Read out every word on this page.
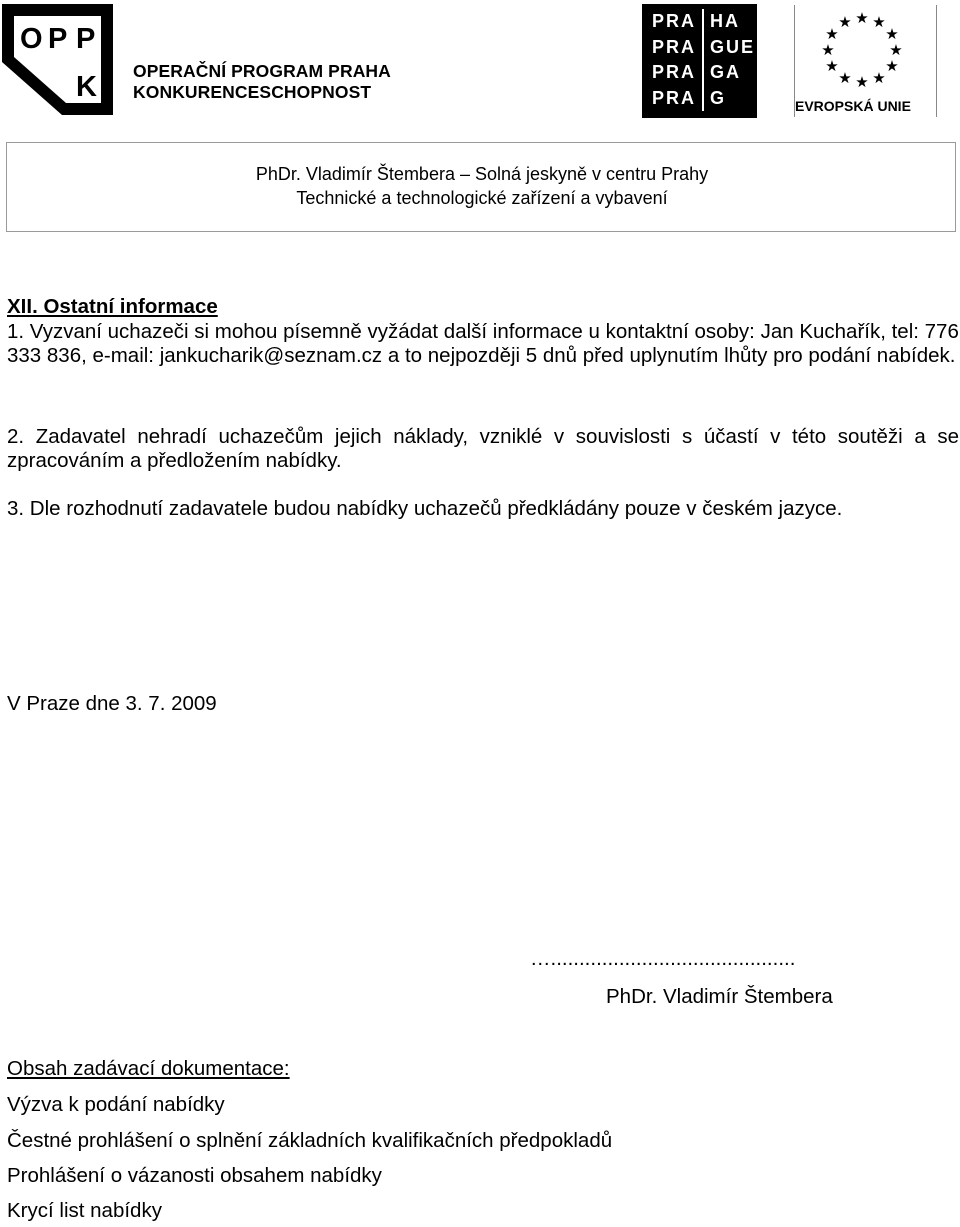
O P P
K OPERAČNÍ PROGRAM PRAHA
KONKURENCESCHOPNOST
PRA HA
PRA GUE
PRA GA
PRA G
★ ★
★
★
★
★
★
★
★
★
★
★
EVROPSKÁ UNIE
PhDr. Vladimír Štembera – Solná jeskyně v centru Prahy
Technické a technologické zařízení a vybavení
XII. Ostatní informace
1. Vyzvaní uchazeči si mohou písemně vyžádat další informace u kontaktní osoby: Jan Kuchařík, tel: 776 333 836, e-mail: jankucharik@seznam.cz a to nejpozději 5 dnů před uplynutím lhůty pro podání nabídek.
2. Zadavatel nehradí uchazečům jejich náklady, vzniklé v souvislosti s účastí v této soutěži a se zpracováním a předložením nabídky.
3. Dle rozhodnutí zadavatele budou nabídky uchazečů předkládány pouze v českém jazyce.
V Praze dne 3. 7. 2009
…...........................................
PhDr. Vladimír Štembera
Obsah zadávací dokumentace:
Výzva k podání nabídky
Čestné prohlášení o splnění základních kvalifikačních předpokladů
Prohlášení o vázanosti obsahem nabídky
Krycí list nabídky
